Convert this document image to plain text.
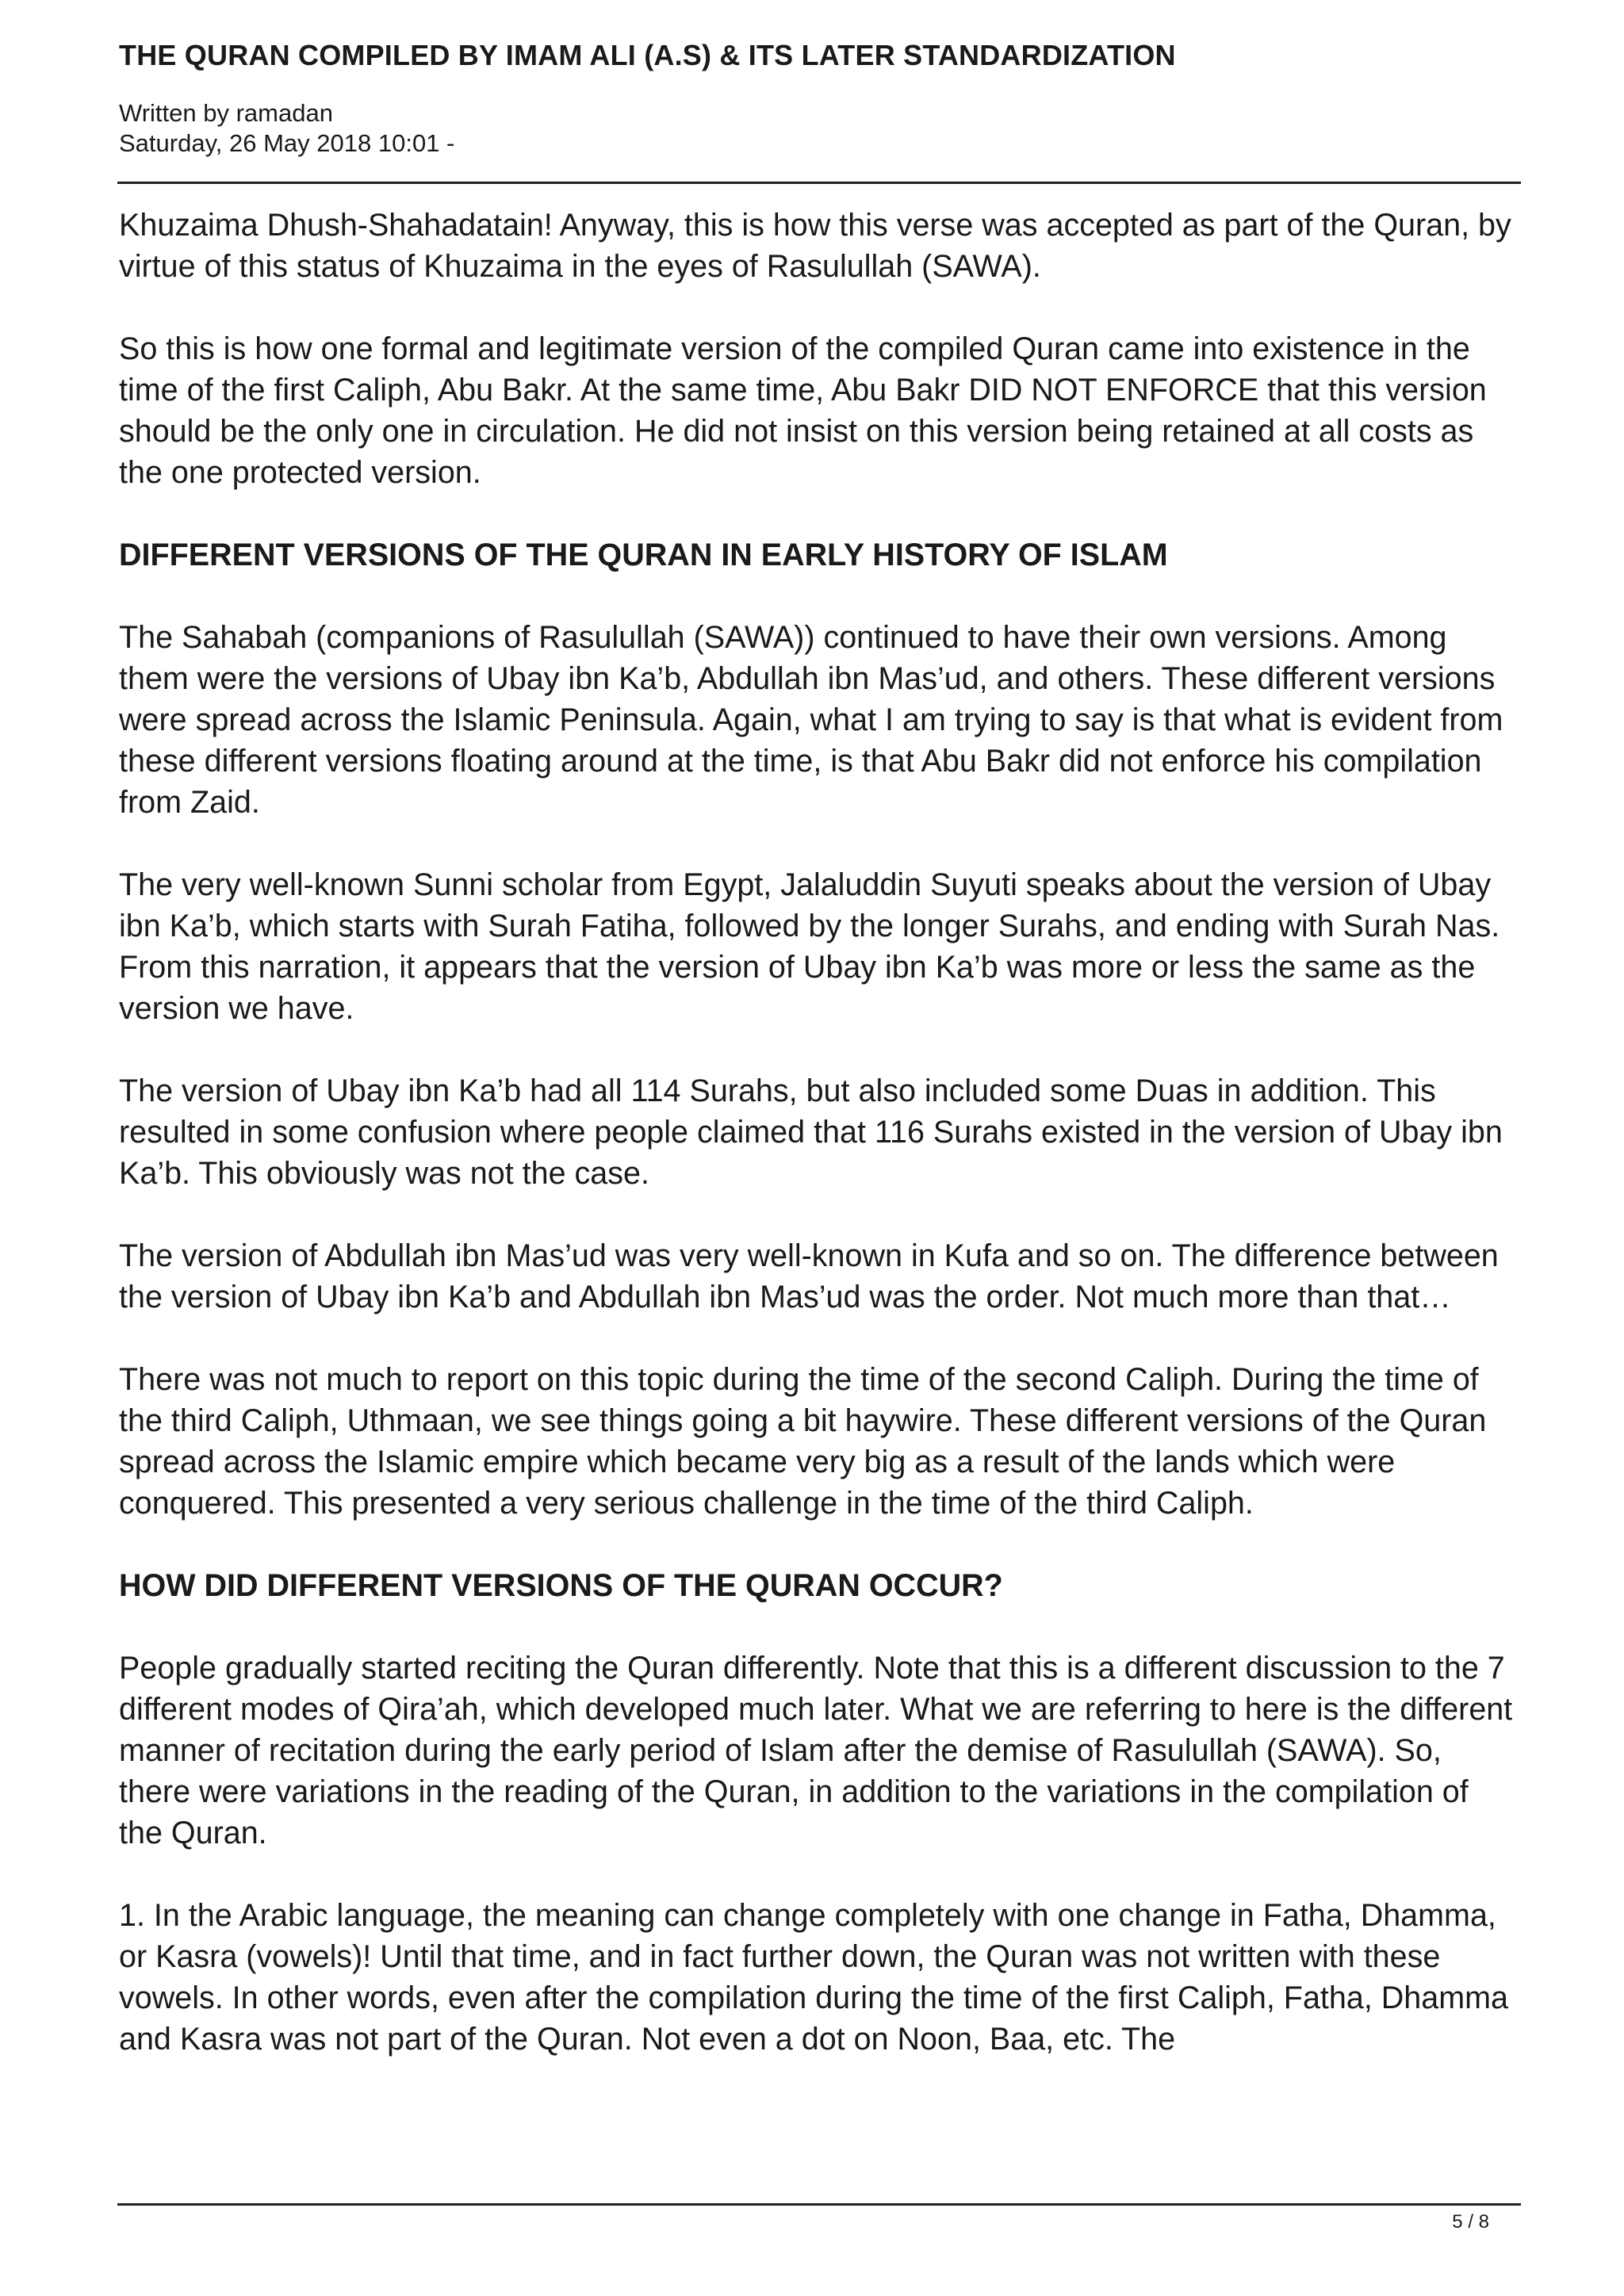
THE QURAN COMPILED BY IMAM ALI (A.S) & ITS LATER STANDARDIZATION

Written by ramadan

Saturday, 26 May 2018 10:01 -

Khuzaima Dhush-Shahadatain! Anyway, this is how this verse was accepted as part of the Quran, by virtue of this status of Khuzaima in the eyes of Rasulullah (SAWA).

So this is how one formal and legitimate version of the compiled Quran came into existence in the time of the first Caliph, Abu Bakr. At the same time, Abu Bakr DID NOT ENFORCE that this version should be the only one in circulation. He did not insist on this version being retained at all costs as the one protected version.

DIFFERENT VERSIONS OF THE QURAN IN EARLY HISTORY OF ISLAM

The Sahabah (companions of Rasulullah (SAWA)) continued to have their own versions. Among them were the versions of Ubay ibn Ka’b, Abdullah ibn Mas’ud, and others. These different versions were spread across the Islamic Peninsula. Again, what I am trying to say is that what is evident from these different versions floating around at the time, is that Abu Bakr did not enforce his compilation from Zaid.

The very well-known Sunni scholar from Egypt, Jalaluddin Suyuti speaks about the version of Ubay ibn Ka’b, which starts with Surah Fatiha, followed by the longer Surahs, and ending with Surah Nas. From this narration, it appears that the version of Ubay ibn Ka’b was more or less the same as the version we have.

The version of Ubay ibn Ka’b had all 114 Surahs, but also included some Duas in addition. This resulted in some confusion where people claimed that 116 Surahs existed in the version of Ubay ibn Ka’b. This obviously was not the case.

The version of Abdullah ibn Mas’ud was very well-known in Kufa and so on. The difference between the version of Ubay ibn Ka’b and Abdullah ibn Mas’ud was the order. Not much more than that…

There was not much to report on this topic during the time of the second Caliph. During the time of the third Caliph, Uthmaan, we see things going a bit haywire. These different versions of the Quran spread across the Islamic empire which became very big as a result of the lands which were conquered. This presented a very serious challenge in the time of the third Caliph.

HOW DID DIFFERENT VERSIONS OF THE QURAN OCCUR?

People gradually started reciting the Quran differently. Note that this is a different discussion to the 7 different modes of Qira’ah, which developed much later. What we are referring to here is the different manner of recitation during the early period of Islam after the demise of Rasulullah (SAWA). So, there were variations in the reading of the Quran, in addition to the variations in the compilation of the Quran.

1. In the Arabic language, the meaning can change completely with one change in Fatha, Dhamma, or Kasra (vowels)! Until that time, and in fact further down, the Quran was not written with these vowels. In other words, even after the compilation during the time of the first Caliph, Fatha, Dhamma and Kasra was not part of the Quran. Not even a dot on Noon, Baa, etc. The

5 / 8
